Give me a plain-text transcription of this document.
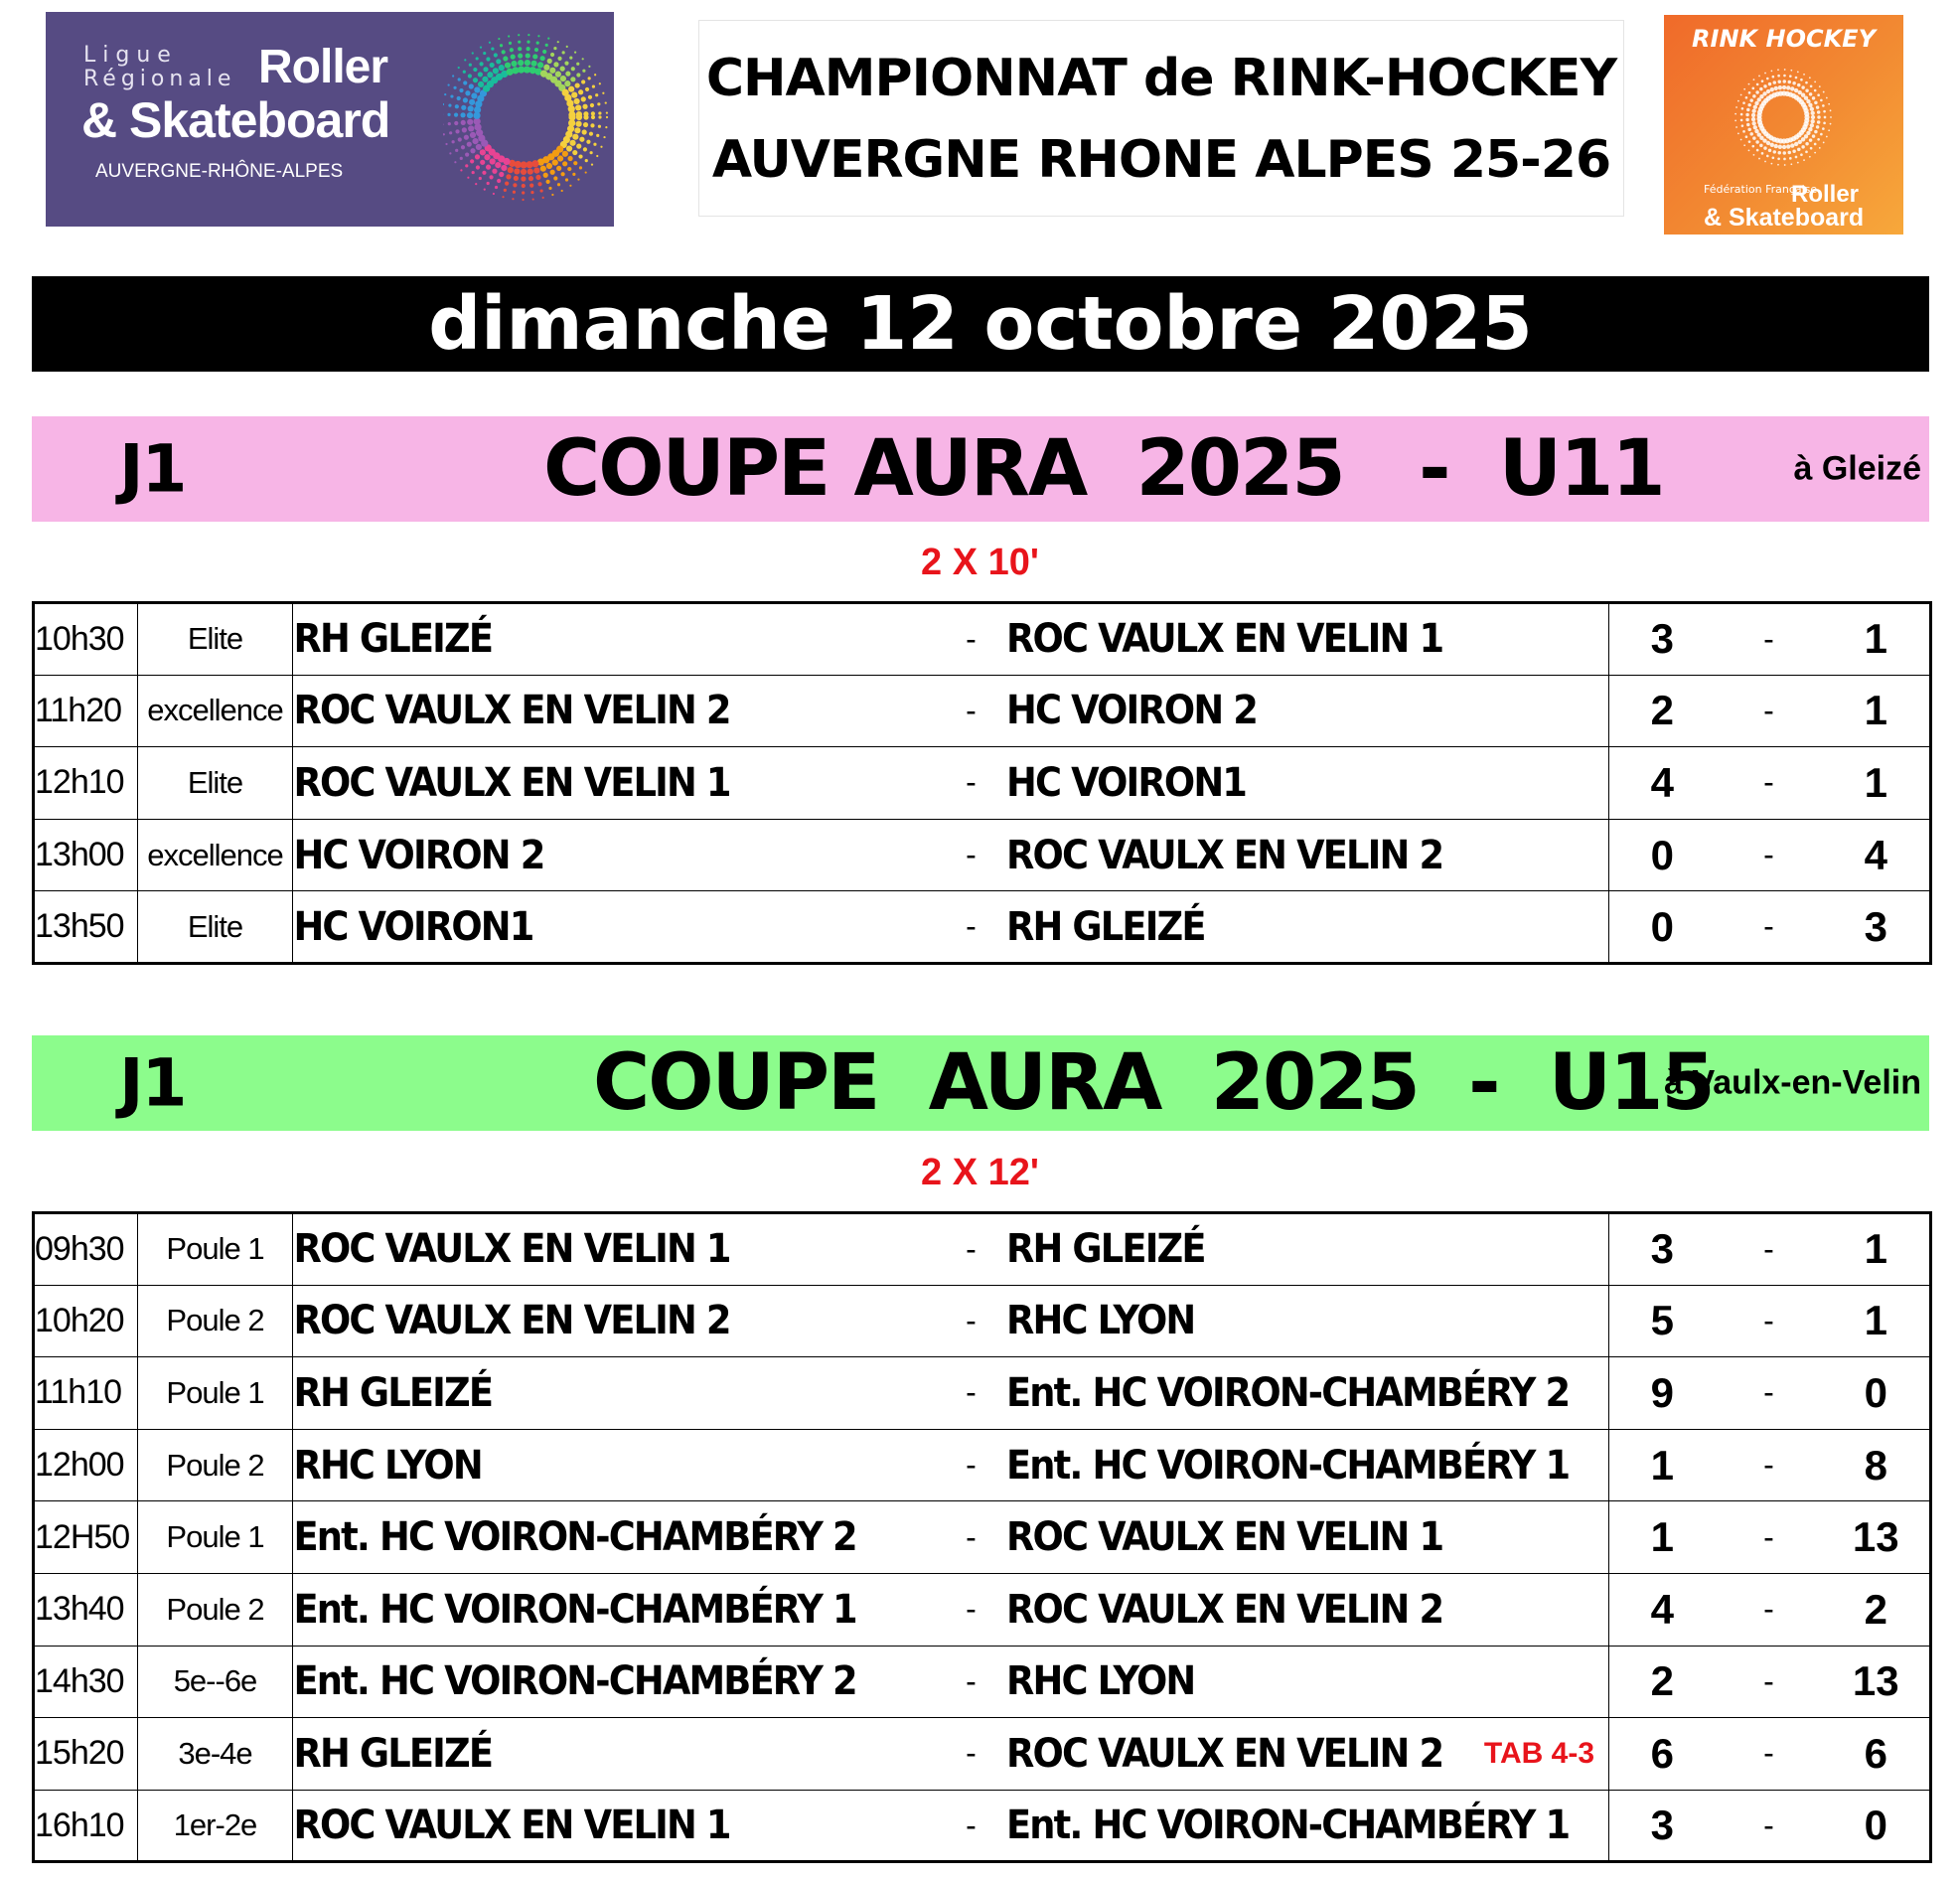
Ligue
Régionale Roller
& Skateboard
AUVERGNE-RHÔNE-ALPES
CHAMPIONNAT de RINK-HOCKEY
AUVERGNE RHONE ALPES 25-26
RINK HOCKEY
Fédération Française
Roller
& Skateboard
dimanche 12 octobre 2025
J1	COUPE AURA  2025   -  U11	à Gleizé
2 X 10'
10h30	Elite	RH GLEIZÉ	-	ROC VAULX EN VELIN 1	3	-	1
11h20	excellence	ROC VAULX EN VELIN 2	-	HC VOIRON 2	2	-	1
12h10	Elite	ROC VAULX EN VELIN 1	-	HC VOIRON1	4	-	1
13h00	excellence	HC VOIRON 2	-	ROC VAULX EN VELIN 2	0	-	4
13h50	Elite	HC VOIRON1	-	RH GLEIZÉ	0	-	3
J1	COUPE  AURA  2025  -  U15
à Vaulx-en-Velin
2 X 12'
09h30	Poule 1	ROC VAULX EN VELIN 1	-	RH GLEIZÉ	3	-	1
10h20	Poule 2	ROC VAULX EN VELIN 2	-	RHC LYON	5	-	1
11h10	Poule 1	RH GLEIZÉ	-	Ent. HC VOIRON-CHAMBÉRY 2	9	-	0
12h00	Poule 2	RHC LYON	-	Ent. HC VOIRON-CHAMBÉRY 1	1	-	8
12H50	Poule 1	Ent. HC VOIRON-CHAMBÉRY 2	-	ROC VAULX EN VELIN 1	1	-	13
13h40	Poule 2	Ent. HC VOIRON-CHAMBÉRY 1	-	ROC VAULX EN VELIN 2	4	-	2
14h30	5e--6e	Ent. HC VOIRON-CHAMBÉRY 2	-	RHC LYON	2	-	13
15h20	3e-4e	RH GLEIZÉ	-	ROC VAULX EN VELIN 2 TAB 4-3	6	-	6
16h10	1er-2e	ROC VAULX EN VELIN 1	-	Ent. HC VOIRON-CHAMBÉRY 1	3	-	0
